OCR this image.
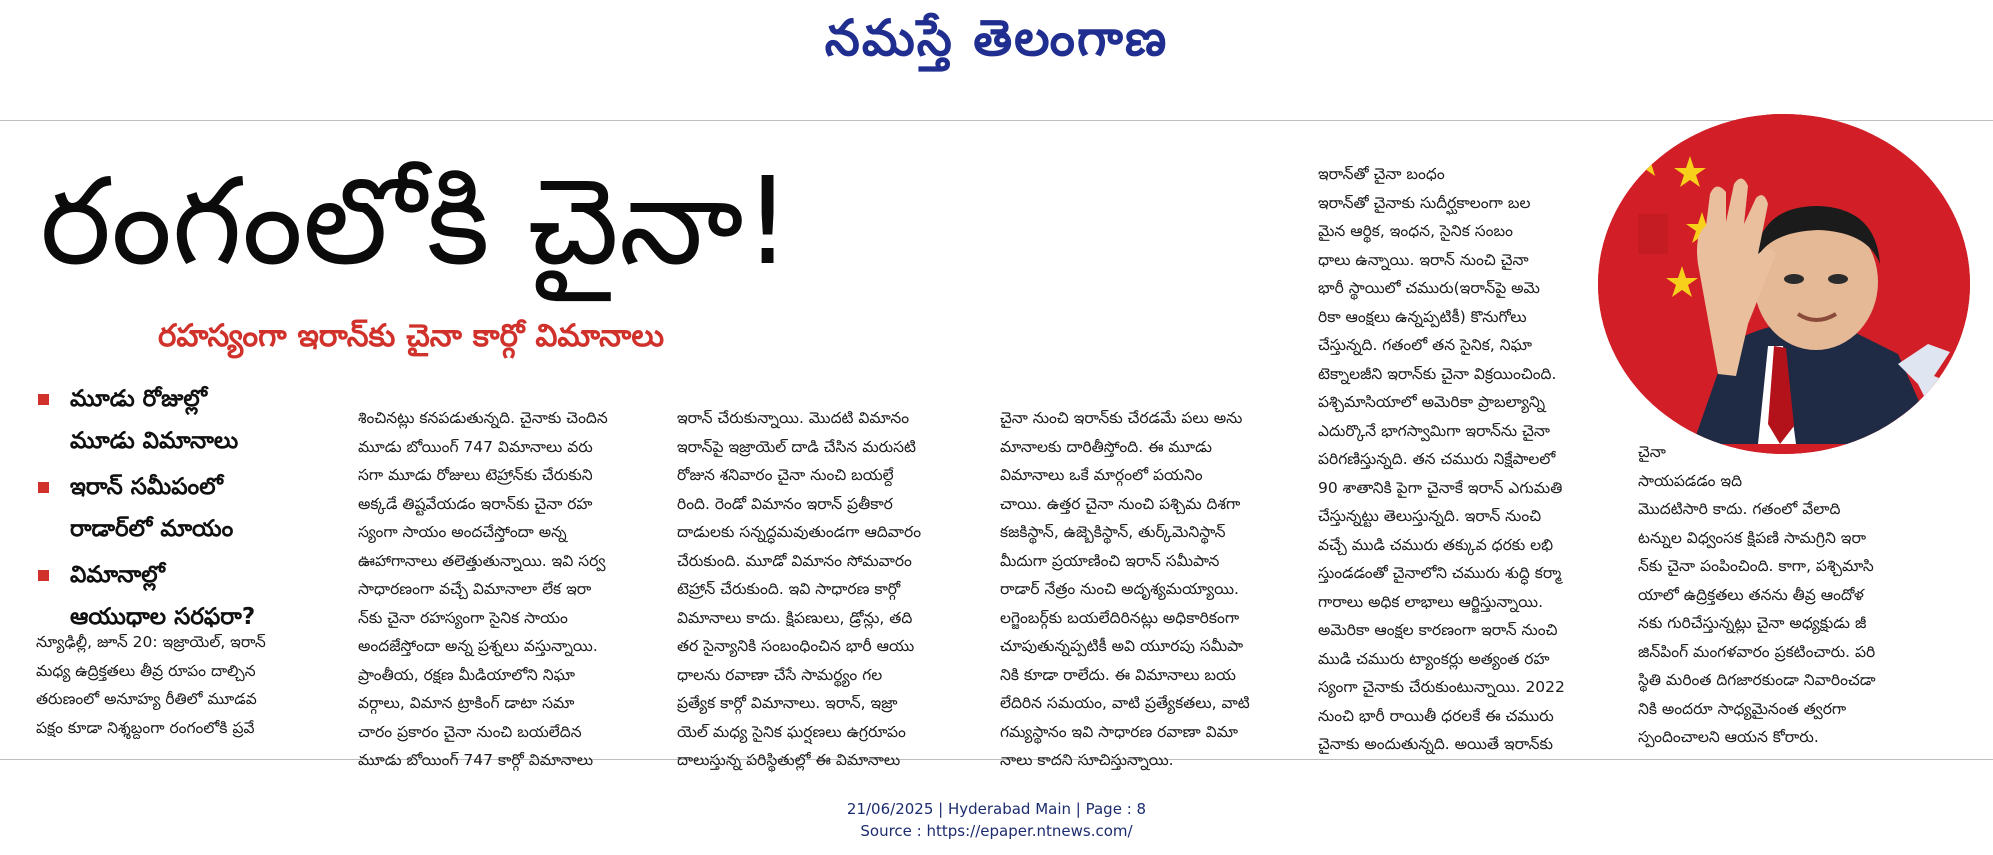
నమస్తే తెలంగాణ
రంగంలోకి చైనా!
రహస్యంగా ఇరాన్‌కు చైనా కార్గో విమానాలు
మూడు రోజుల్లో
మూడు విమానాలు
ఇరాన్ సమీపంలో
రాడార్‌లో మాయం
విమానాల్లో
ఆయుధాల సరఫరా?
న్యూఢిల్లీ, జూన్ 20: ఇజ్రాయెల్, ఇరాన్
మధ్య ఉద్రిక్తతలు తీవ్ర రూపం దాల్చిన
తరుణంలో అనూహ్య రీతిలో మూడవ
పక్షం కూడా నిశ్శబ్దంగా రంగంలోకి ప్రవే
శించినట్లు కనపడుతున్నది. చైనాకు చెందిన
మూడు బోయింగ్ 747 విమానాలు వరు
సగా మూడు రోజులు టెహ్రాన్‌కు చేరుకుని
అక్కడే తిష్టవేయడం ఇరాన్‌కు చైనా రహ
స్యంగా సాయం అందచేస్తోందా అన్న
ఊహాగానాలు తలెత్తుతున్నాయి. ఇవి సర్వ
సాధారణంగా వచ్చే విమానాలా లేక ఇరా
న్‌కు చైనా రహస్యంగా సైనిక సాయం
అందజేస్తోందా అన్న ప్రశ్నలు వస్తున్నాయి.
ప్రాంతీయ, రక్షణ మీడియాలోని నిఘా
వర్గాలు, విమాన ట్రాకింగ్ డాటా సమా
చారం ప్రకారం చైనా నుంచి బయలేదిన
మూడు బోయింగ్ 747 కార్గో విమానాలు
ఇరాన్ చేరుకున్నాయి. మొదటి విమానం
ఇరాన్‌పై ఇజ్రాయెల్ దాడి చేసిన మరుసటి
రోజున శనివారం చైనా నుంచి బయల్దే
రింది. రెండో విమానం ఇరాన్ ప్రతీకార
దాడులకు సన్నద్ధమవుతుండగా ఆదివారం
చేరుకుంది. మూడో విమానం సోమవారం
టెహ్రాన్ చేరుకుంది. ఇవి సాధారణ కార్గో
విమానాలు కాదు. క్షిపణులు, డ్రోన్లు, తది
తర సైన్యానికి సంబంధించిన భారీ ఆయు
ధాలను రవాణా చేసే సామర్థ్యం గల
ప్రత్యేక కార్గో విమానాలు. ఇరాన్, ఇజ్రా
యెల్ మధ్య సైనిక ఘర్షణలు ఉగ్రరూపం
దాలుస్తున్న పరిస్థితుల్లో ఈ విమానాలు
చైనా నుంచి ఇరాన్‌కు చేరడమే పలు అను
మానాలకు దారితీస్తోంది. ఈ మూడు
విమానాలు ఒకే మార్గంలో పయనిం
చాయి. ఉత్తర చైనా నుంచి పశ్చిమ దిశగా
కజకిస్థాన్, ఉజ్బెకిస్థాన్, తుర్క్‌మెనిస్థాన్
మీదుగా ప్రయాణించి ఇరాన్ సమీపాన
రాడార్ నేత్రం నుంచి అదృశ్యమయ్యాయి.
లగ్జెంబర్గ్‌కు బయలేదిరినట్లు అధికారికంగా
చూపుతున్నప్పటికీ అవి యూరపు సమీపా
నికి కూడా రాలేదు. ఈ విమానాలు బయ
లేదిరిన సమయం, వాటి ప్రత్యేకతలు, వాటి
గమ్యస్థానం ఇవి సాధారణ రవాణా విమా
నాలు కాదని సూచిస్తున్నాయి.
ఇరాన్‌తో చైనా బంధం
ఇరాన్‌తో చైనాకు సుదీర్ఘకాలంగా బల
మైన ఆర్థిక, ఇంధన, సైనిక సంబం
ధాలు ఉన్నాయి. ఇరాన్ నుంచి చైనా
భారీ స్థాయిలో చమురు(ఇరాన్‌పై అమె
రికా ఆంక్షలు ఉన్నప్పటికీ) కొనుగోలు
చేస్తున్నది. గతంలో తన సైనిక, నిఘా
టెక్నాలజీని ఇరాన్‌కు చైనా విక్రయించింది.
పశ్చిమాసియాలో అమెరికా ప్రాబల్యాన్ని
ఎదుర్కొనే భాగస్వామిగా ఇరాన్‌ను చైనా
పరిగణిస్తున్నది. తన చమురు నిక్షేపాలలో
90 శాతానికి పైగా చైనాకే ఇరాన్ ఎగుమతి
చేస్తున్నట్టు తెలుస్తున్నది. ఇరాన్ నుంచి
వచ్చే ముడి చమురు తక్కువ ధరకు లభి
స్తుండడంతో చైనాలోని చమురు శుద్ధి కర్మా
గారాలు అధిక లాభాలు ఆర్జిస్తున్నాయి.
అమెరికా ఆంక్షల కారణంగా ఇరాన్ నుంచి
ముడి చమురు ట్యాంకర్లు అత్యంత రహ
స్యంగా చైనాకు చేరుకుంటున్నాయి. 2022
నుంచి భారీ రాయితీ ధరలకే ఈ చమురు
చైనాకు అందుతున్నది. అయితే ఇరాన్‌కు
చైనా
సాయపడడం ఇది
మొదటిసారి కాదు. గతంలో వేలాది
టన్నుల విధ్వంసక క్షిపణి సామగ్రిని ఇరా
న్‌కు చైనా పంపించింది. కాగా, పశ్చిమాసి
యాలో ఉద్రిక్తతలు తనను తీవ్ర ఆందోళ
నకు గురిచేస్తున్నట్లు చైనా అధ్యక్షుడు జీ
జిన్‌పింగ్ మంగళవారం ప్రకటించారు. పరి
స్థితి మరింత దిగజారకుండా నివారించడా
నికి అందరూ సాధ్యమైనంత త్వరగా
స్పందించాలని ఆయన కోరారు.
21/06/2025 | Hyderabad Main | Page : 8
Source : https://epaper.ntnews.com/
